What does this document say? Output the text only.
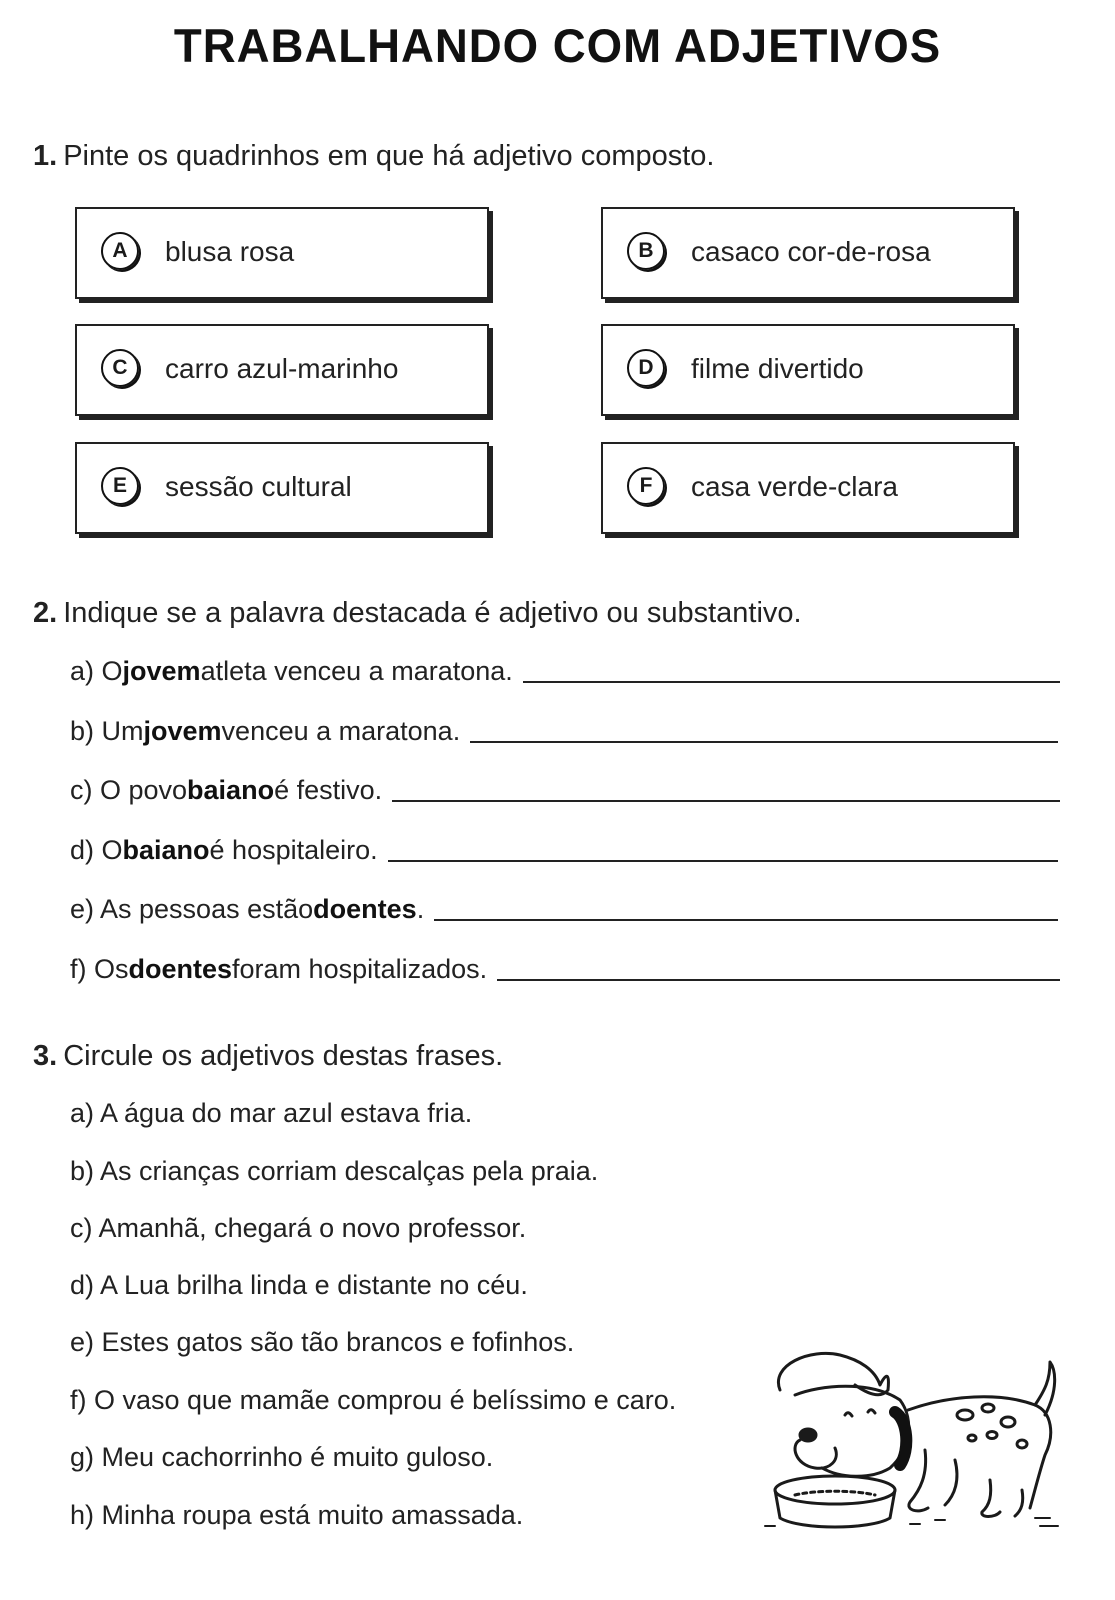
TRABALHANDO COM ADJETIVOS
1. Pinte os quadrinhos em que há adjetivo composto.
A	blusa rosa	B	casaco cor-de-rosa
C	carro azul-marinho	D	filme divertido
E	sessão cultural	F	casa verde-clara
2. Indique se a palavra destacada é adjetivo ou substantivo.
a) O jovem atleta venceu a maratona.
b) Um jovem venceu a maratona.
c) O povo baiano é festivo.
d) O baiano é hospitaleiro.
e) As pessoas estão doentes .
f) Os doentes foram hospitalizados.
3. Circule os adjetivos destas frases.
a) A água do mar azul estava fria.
b) As crianças corriam descalças pela praia.
c) Amanhã, chegará o novo professor.
d) A Lua brilha linda e distante no céu.
e) Estes gatos são tão brancos e fofinhos.
f) O vaso que mamãe comprou é belíssimo e caro.
g) Meu cachorrinho é muito guloso.
h) Minha roupa está muito amassada.
